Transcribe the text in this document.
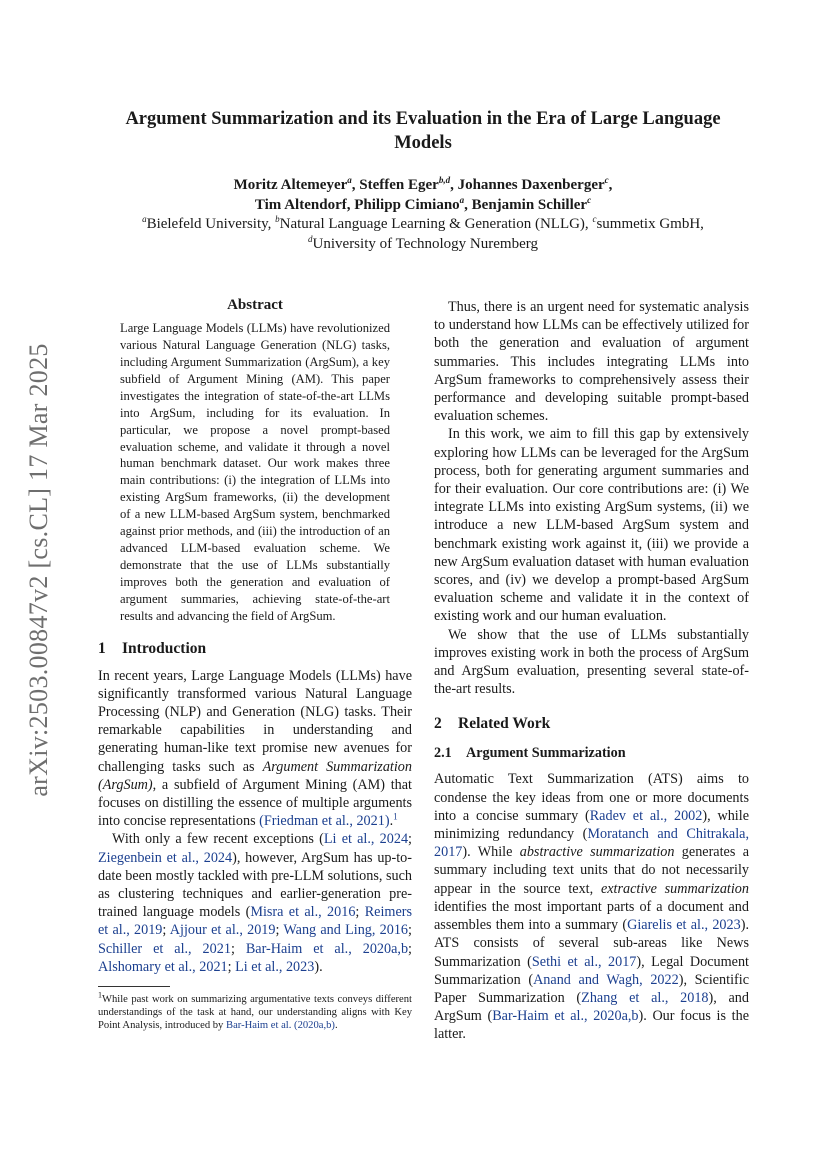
arXiv:2503.00847v2 [cs.CL] 17 Mar 2025
Argument Summarization and its Evaluation in the Era of Large Language Models
Moritz Altemeyer$^a$, Steffen Eger$^{b,d}$, Johannes Daxenberger$^c$,
Tim Altendorf, Philipp Cimiano$^a$, Benjamin Schiller$^c$
$^a$Bielefeld University, $^b$Natural Language Learning & Generation (NLLG), $^c$summetix GmbH,
$^d$University of Technology Nuremberg
Abstract
Large Language Models (LLMs) have revolutionized various Natural Language Generation (NLG) tasks, including Argument Summarization (ArgSum), a key subfield of Argument Mining (AM). This paper investigates the integration of state-of-the-art LLMs into ArgSum, including for its evaluation. In particular, we propose a novel prompt-based evaluation scheme, and validate it through a novel human benchmark dataset. Our work makes three main contributions: (i) the integration of LLMs into existing ArgSum frameworks, (ii) the development of a new LLM-based ArgSum system, benchmarked against prior methods, and (iii) the introduction of an advanced LLM-based evaluation scheme. We demonstrate that the use of LLMs substantially improves both the generation and evaluation of argument summaries, achieving state-of-the-art results and advancing the field of ArgSum.
1 Introduction

In recent years, Large Language Models (LLMs) have significantly transformed various Natural Language Processing (NLP) and Generation (NLG) tasks. Their remarkable capabilities in understanding and generating human-like text promise new avenues for challenging tasks such as Argument Summarization (ArgSum), a subfield of Argument Mining (AM) that focuses on distilling the essence of multiple arguments into concise representations (Friedman et al., 2021).$^1$

With only a few recent exceptions (Li et al., 2024; Ziegenbein et al., 2024), however, ArgSum has up-to-date been mostly tackled with pre-LLM solutions, such as clustering techniques and earlier-generation pre-trained language models (Misra et al., 2016; Reimers et al., 2019; Ajjour et al., 2019; Wang and Ling, 2016; Schiller et al., 2021; Bar-Haim et al., 2020a,b; Alshomary et al., 2021; Li et al., 2023).

$^1$While past work on summarizing argumentative texts conveys different understandings of the task at hand, our understanding aligns with Key Point Analysis, introduced by Bar-Haim et al. (2020a,b).

Thus, there is an urgent need for systematic analysis to understand how LLMs can be effectively utilized for both the generation and evaluation of argument summaries. This includes integrating LLMs into ArgSum frameworks to comprehensively assess their performance and developing suitable prompt-based evaluation schemes.

In this work, we aim to fill this gap by extensively exploring how LLMs can be leveraged for the ArgSum process, both for generating argument summaries and for their evaluation. Our core contributions are: (i) We integrate LLMs into existing ArgSum systems, (ii) we introduce a new LLM-based ArgSum system and benchmark existing work against it, (iii) we provide a new ArgSum evaluation dataset with human evaluation scores, and (iv) we develop a prompt-based ArgSum evaluation scheme and validate it in the context of existing work and our human evaluation.

We show that the use of LLMs substantially improves existing work in both the process of ArgSum and ArgSum evaluation, presenting several state-of-the-art results.

2 Related Work
2.1 Argument Summarization

Automatic Text Summarization (ATS) aims to condense the key ideas from one or more documents into a concise summary (Radev et al., 2002), while minimizing redundancy (Moratanch and Chitrakala, 2017). While abstractive summarization generates a summary including text units that do not necessarily appear in the source text, extractive summarization identifies the most important parts of a document and assembles them into a summary (Giarelis et al., 2023). ATS consists of several sub-areas like News Summarization (Sethi et al., 2017), Legal Document Summarization (Anand and Wagh, 2022), Scientific Paper Summarization (Zhang et al., 2018), and ArgSum (Bar-Haim et al., 2020a,b). Our focus is the latter.
